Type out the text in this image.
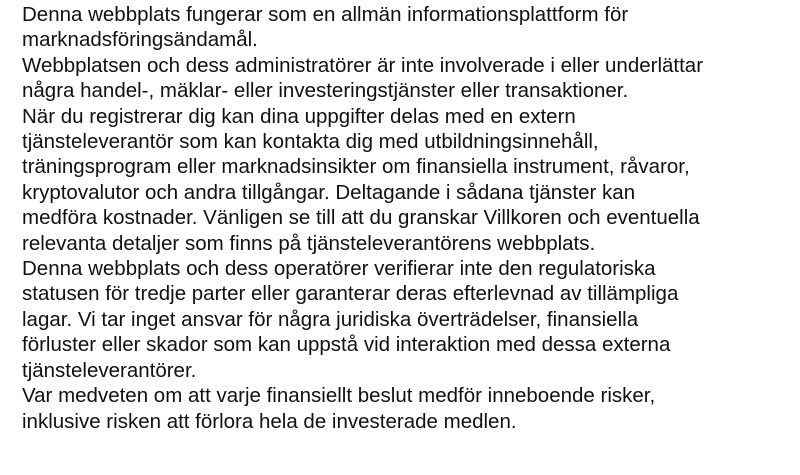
Denna webbplats fungerar som en allmän informationsplattform för
marknadsföringsändamål.
Webbplatsen och dess administratörer är inte involverade i eller underlättar
några handel-, mäklar- eller investeringstjänster eller transaktioner.
När du registrerar dig kan dina uppgifter delas med en extern
tjänsteleverantör som kan kontakta dig med utbildningsinnehåll,
träningsprogram eller marknadsinsikter om finansiella instrument, råvaror,
kryptovalutor och andra tillgångar. Deltagande i sådana tjänster kan
medföra kostnader. Vänligen se till att du granskar Villkoren och eventuella
relevanta detaljer som finns på tjänsteleverantörens webbplats.
Denna webbplats och dess operatörer verifierar inte den regulatoriska
statusen för tredje parter eller garanterar deras efterlevnad av tillämpliga
lagar. Vi tar inget ansvar för några juridiska överträdelser, finansiella
förluster eller skador som kan uppstå vid interaktion med dessa externa
tjänsteleverantörer.
Var medveten om att varje finansiellt beslut medför inneboende risker,
inklusive risken att förlora hela de investerade medlen.
